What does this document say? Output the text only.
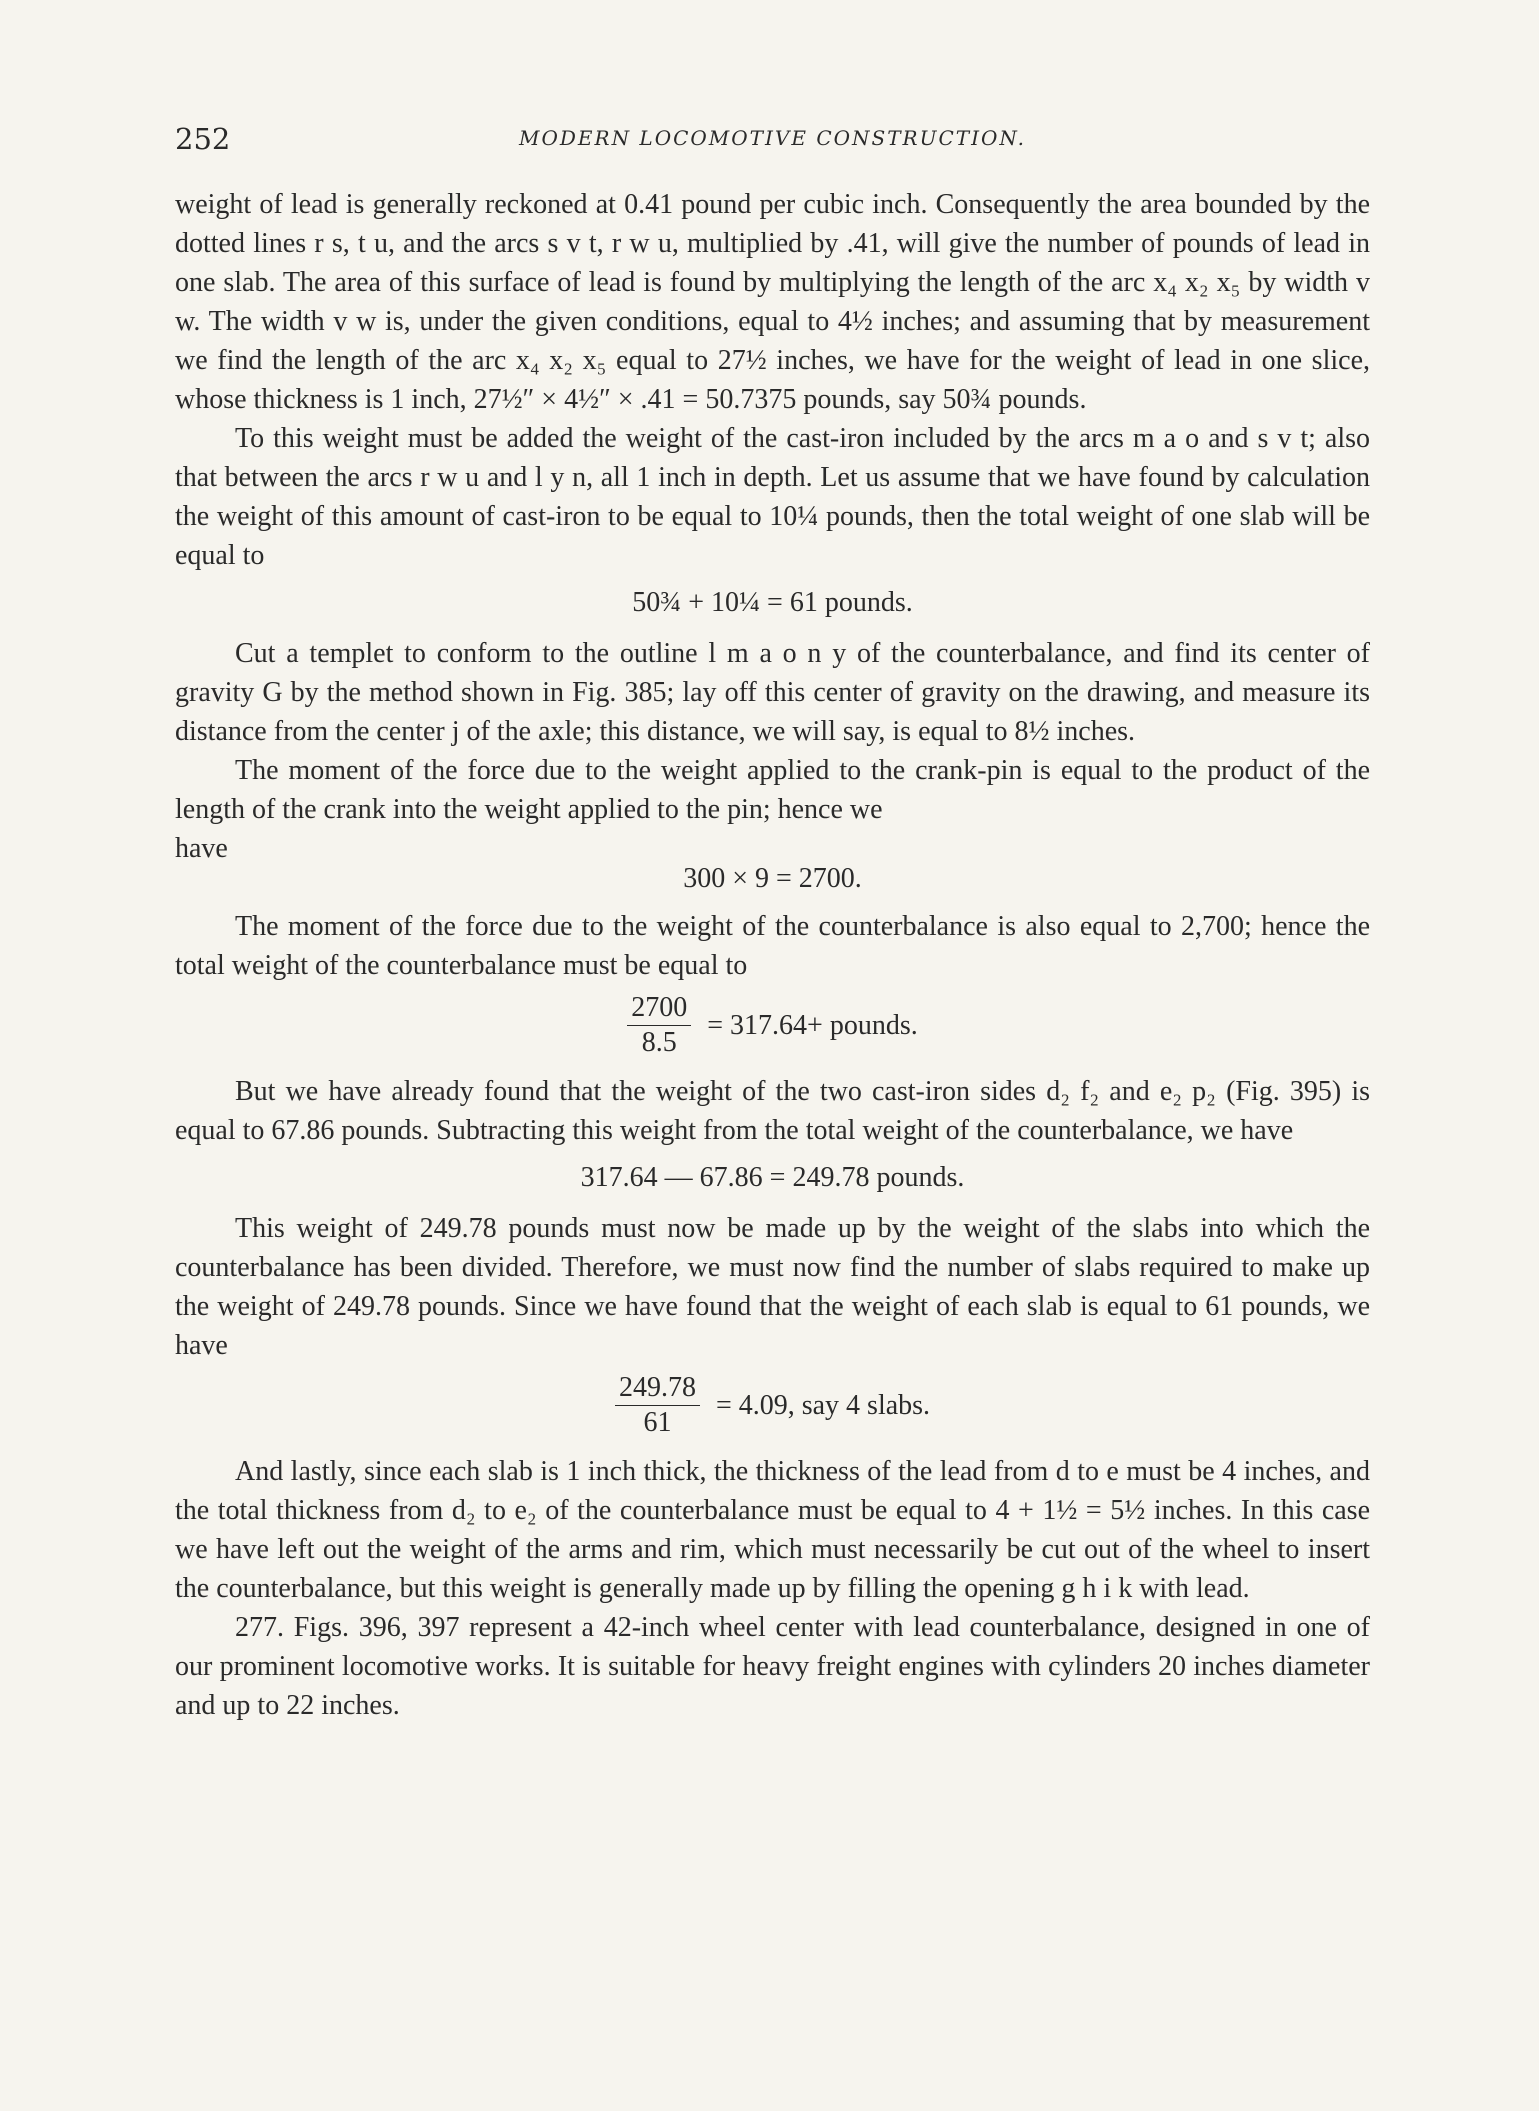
252	MODERN LOCOMOTIVE CONSTRUCTION.

weight of lead is generally reckoned at 0.41 pound per cubic inch. Consequently the area bounded by the dotted lines r s, t u, and the arcs s v t, r w u, multiplied by .41, will give the number of pounds of lead in one slab. The area of this surface of lead is found by multiplying the length of the arc x₄ x₂ x₅ by width v w. The width v w is, under the given conditions, equal to 4½ inches; and assuming that by measurement we find the length of the arc x₄ x₂ x₅ equal to 27½ inches, we have for the weight of lead in one slice, whose thickness is 1 inch, 27½″ × 4½″ × .41 = 50.7375 pounds, say 50¾ pounds.

To this weight must be added the weight of the cast-iron included by the arcs m a o and s v t; also that between the arcs r w u and l y n, all 1 inch in depth. Let us assume that we have found by calculation the weight of this amount of cast-iron to be equal to 10¼ pounds, then the total weight of one slab will be equal to

50¾ + 10¼ = 61 pounds.

Cut a templet to conform to the outline l m a o n y of the counterbalance, and find its center of gravity G by the method shown in Fig. 385; lay off this center of gravity on the drawing, and measure its distance from the center j of the axle; this distance, we will say, is equal to 8½ inches.

The moment of the force due to the weight applied to the crank-pin is equal to the product of the length of the crank into the weight applied to the pin; hence we

have
300 × 9 = 2700.

The moment of the force due to the weight of the counterbalance is also equal to 2,700; hence the total weight of the counterbalance must be equal to

$\frac{2700}{8.5} = 317.64+$ pounds.

But we have already found that the weight of the two cast-iron sides d₂ f₂ and e₂ p₂ (Fig. 395) is equal to 67.86 pounds. Subtracting this weight from the total weight of the counterbalance, we have

317.64 — 67.86 = 249.78 pounds.

This weight of 249.78 pounds must now be made up by the weight of the slabs into which the counterbalance has been divided. Therefore, we must now find the number of slabs required to make up the weight of 249.78 pounds. Since we have found that the weight of each slab is equal to 61 pounds, we have

$\frac{249.78}{61} = 4.09$, say 4 slabs.

And lastly, since each slab is 1 inch thick, the thickness of the lead from d to e must be 4 inches, and the total thickness from d₂ to e₂ of the counterbalance must be equal to 4 + 1½ = 5½ inches. In this case we have left out the weight of the arms and rim, which must necessarily be cut out of the wheel to insert the counterbalance, but this weight is generally made up by filling the opening g h i k with lead.

277. Figs. 396, 397 represent a 42-inch wheel center with lead counterbalance, designed in one of our prominent locomotive works. It is suitable for heavy freight engines with cylinders 20 inches diameter and up to 22 inches.
